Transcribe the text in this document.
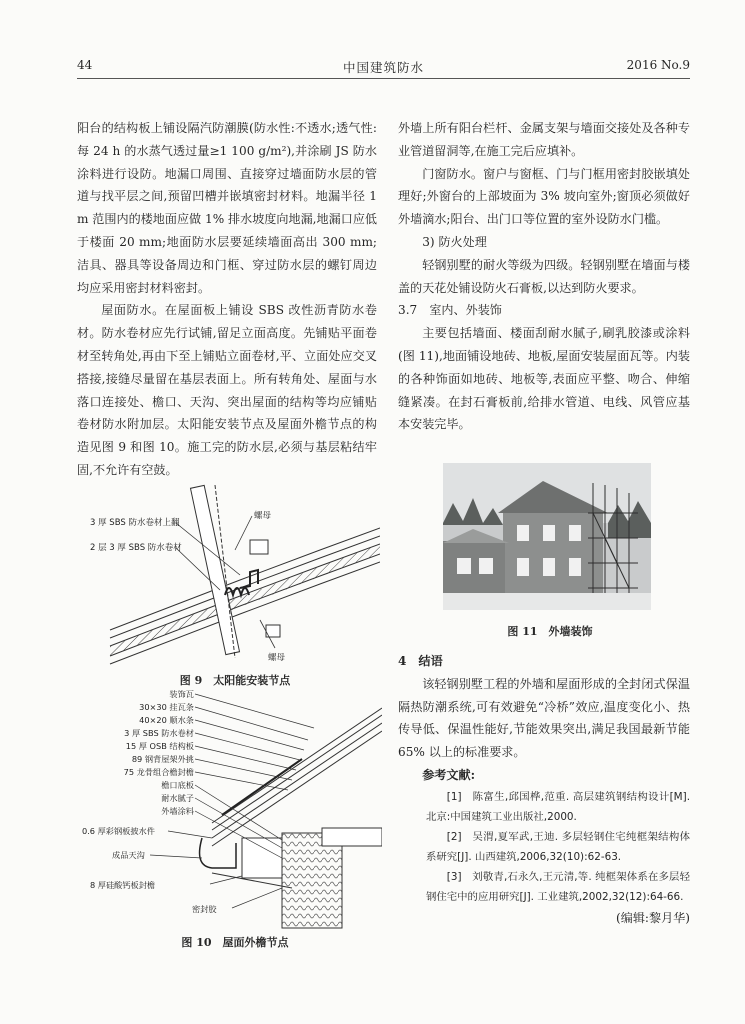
44	中国建筑防水	2016 No.9

阳台的结构板上铺设隔汽防潮膜(防水性:不透水;透气性:每 24 h 的水蒸气透过量≥1 100 g/m²),并涂刷 JS 防水涂料进行设防。地漏口周围、直接穿过墙面防水层的管道与找平层之间,预留凹槽并嵌填密封材料。地漏半径 1 m 范围内的楼地面应做 1% 排水坡度向地漏,地漏口应低于楼面 20 mm;地面防水层要延续墙面高出 300 mm;洁具、器具等设备周边和门框、穿过防水层的螺钉周边均应采用密封材料密封。

屋面防水。在屋面板上铺设 SBS 改性沥青防水卷材。防水卷材应先行试铺,留足立面高度。先铺贴平面卷材至转角处,再由下至上铺贴立面卷材,平、立面处应交叉搭接,接缝尽量留在基层表面上。所有转角处、屋面与水落口连接处、檐口、天沟、突出屋面的结构等均应铺贴卷材防水附加层。太阳能安装节点及屋面外檐节点的构造见图 9 和图 10。施工完的防水层,必须与基层粘结牢固,不允许有空鼓。

3 厚 SBS 防水卷材上翻
2 层 3 厚 SBS 防水卷材
螺母
螺母
图 9　太阳能安装节点
装饰瓦
30×30 挂瓦条
40×20 顺水条
3 厚 SBS 防水卷材
15 厚 OSB 结构板
89 钢背屋架外挑
75 龙骨组合檐封檐
檐口底板
耐水腻子
外墙涂料
0.6 厚彩钢板披水件
成品天沟
8 厚硅酸钙板封檐
密封胶
图 10　屋面外檐节点

外墙上所有阳台栏杆、金属支架与墙面交接处及各种专业管道留洞等,在施工完后应填补。

门窗防水。窗户与窗框、门与门框用密封胶嵌填处理好;外窗台的上部坡面为 3% 坡向室外;窗顶必须做好外墙滴水;阳台、出门口等位置的室外设防水门槛。

3) 防火处理

轻钢别墅的耐火等级为四级。轻钢别墅在墙面与楼盖的天花处铺设防火石膏板,以达到防火要求。

3.7　室内、外装饰

主要包括墙面、楼面刮耐水腻子,刷乳胶漆或涂料(图 11),地面铺设地砖、地板,屋面安装屋面瓦等。内装的各种饰面如地砖、地板等,表面应平整、吻合、伸缩缝紧凑。在封石膏板前,给排水管道、电线、风管应基本安装完毕。

图 11　外墙装饰

4　结语

该轻钢别墅工程的外墙和屋面形成的全封闭式保温隔热防潮系统,可有效避免“冷桥”效应,温度变化小、热传导低、保温性能好,节能效果突出,满足我国最新节能 65% 以上的标准要求。

参考文献:

[1]　陈富生,邱国桦,范重. 高层建筑钢结构设计[M]. 北京:中国建筑工业出版社,2000.

[2]　吴渭,夏军武,王迪. 多层轻钢住宅纯框架结构体系研究[J]. 山西建筑,2006,32(10):62-63.

[3]　刘敬青,石永久,王元清,等. 纯框架体系在多层轻钢住宅中的应用研究[J]. 工业建筑,2002,32(12):64-66.

(编辑:黎月华)
